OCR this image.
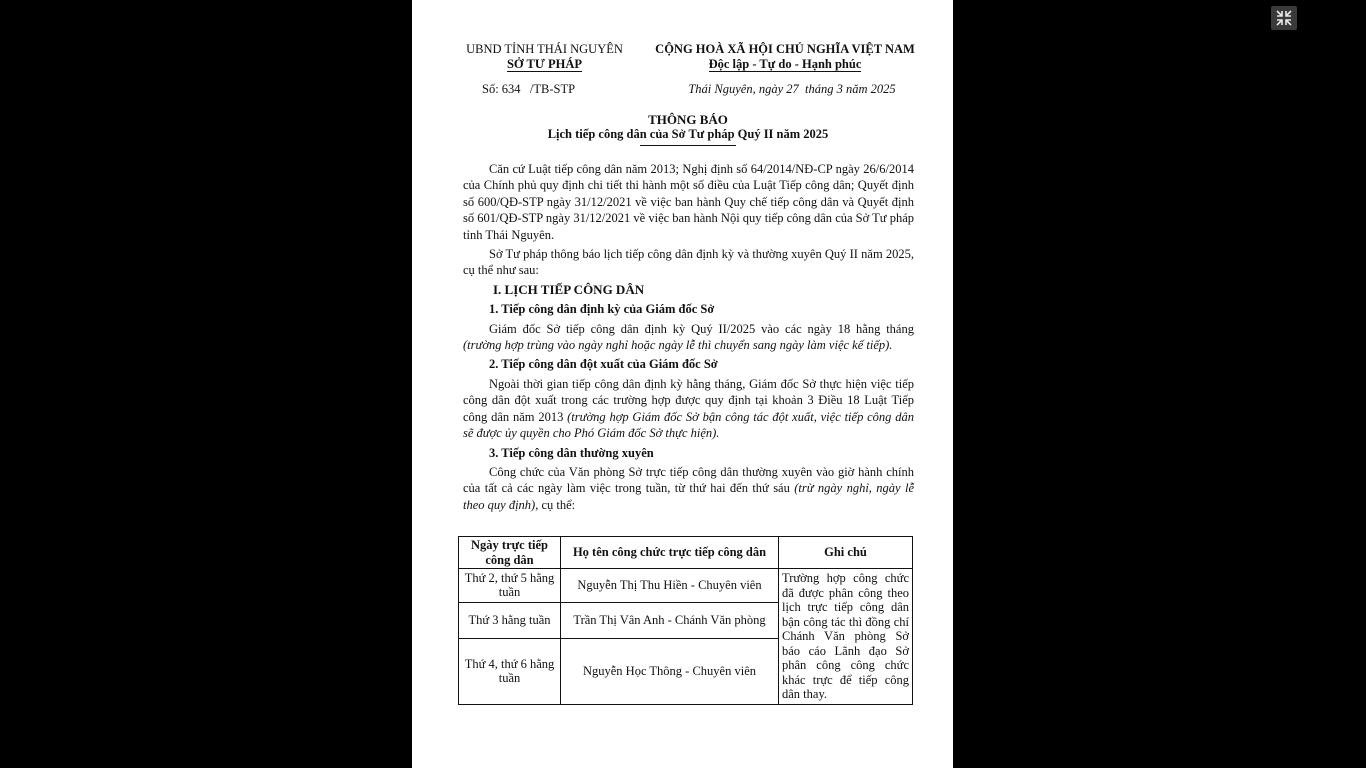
UBND TỈNH THÁI NGUYÊN
SỞ TƯ PHÁP
CỘNG HOÀ XÃ HỘI CHỦ NGHĨA VIỆT NAM
Độc lập - Tự do - Hạnh phúc
Số: 634   /TB-STP	Thái Nguyên, ngày 27  tháng 3 năm 2025
THÔNG BÁO
Lịch tiếp công dân của Sở Tư pháp Quý II năm 2025

Căn cứ Luật tiếp công dân năm 2013; Nghị định số 64/2014/NĐ-CP ngày 26/6/2014 của Chính phủ quy định chi tiết thi hành một số điều của Luật Tiếp công dân; Quyết định số 600/QĐ-STP ngày 31/12/2021 về việc ban hành Quy chế tiếp công dân và Quyết định số 601/QĐ-STP ngày 31/12/2021 về việc ban hành Nội quy tiếp công dân của Sở Tư pháp tỉnh Thái Nguyên.

Sở Tư pháp thông báo lịch tiếp công dân định kỳ và thường xuyên Quý II năm 2025, cụ thể như sau:

I. LỊCH TIẾP CÔNG DÂN

1. Tiếp công dân định kỳ của Giám đốc Sở

Giám đốc Sở tiếp công dân định kỳ Quý II/2025 vào các ngày 18 hằng tháng (trường hợp trùng vào ngày nghỉ hoặc ngày lễ thì chuyển sang ngày làm việc kế tiếp).

2. Tiếp công dân đột xuất của Giám đốc Sở

Ngoài thời gian tiếp công dân định kỳ hằng tháng, Giám đốc Sở thực hiện việc tiếp công dân đột xuất trong các trường hợp được quy định tại khoản 3 Điều 18 Luật Tiếp công dân năm 2013 (trường hợp Giám đốc Sở bận công tác đột xuất, việc tiếp công dân sẽ được ủy quyền cho Phó Giám đốc Sở thực hiện).

3. Tiếp công dân thường xuyên

Công chức của Văn phòng Sở trực tiếp công dân thường xuyên vào giờ hành chính của tất cả các ngày làm việc trong tuần, từ thứ hai đến thứ sáu (trừ ngày nghỉ, ngày lễ theo quy định), cụ thể:

Ngày trực tiếp công dân	Họ tên công chức trực tiếp công dân	Ghi chú
Thứ 2, thứ 5 hằng tuần	Nguyễn Thị Thu Hiền - Chuyên viên	Trường hợp công chức đã được phân công theo lịch trực tiếp công dân bận công tác thì đồng chí Chánh Văn phòng Sở báo cáo Lãnh đạo Sở phân công công chức khác trực để tiếp công dân thay.
Thứ 3 hằng tuần	Trần Thị Vân Anh - Chánh Văn phòng	
Thứ 4, thứ 6 hằng tuần	Nguyễn Học Thông - Chuyên viên	
